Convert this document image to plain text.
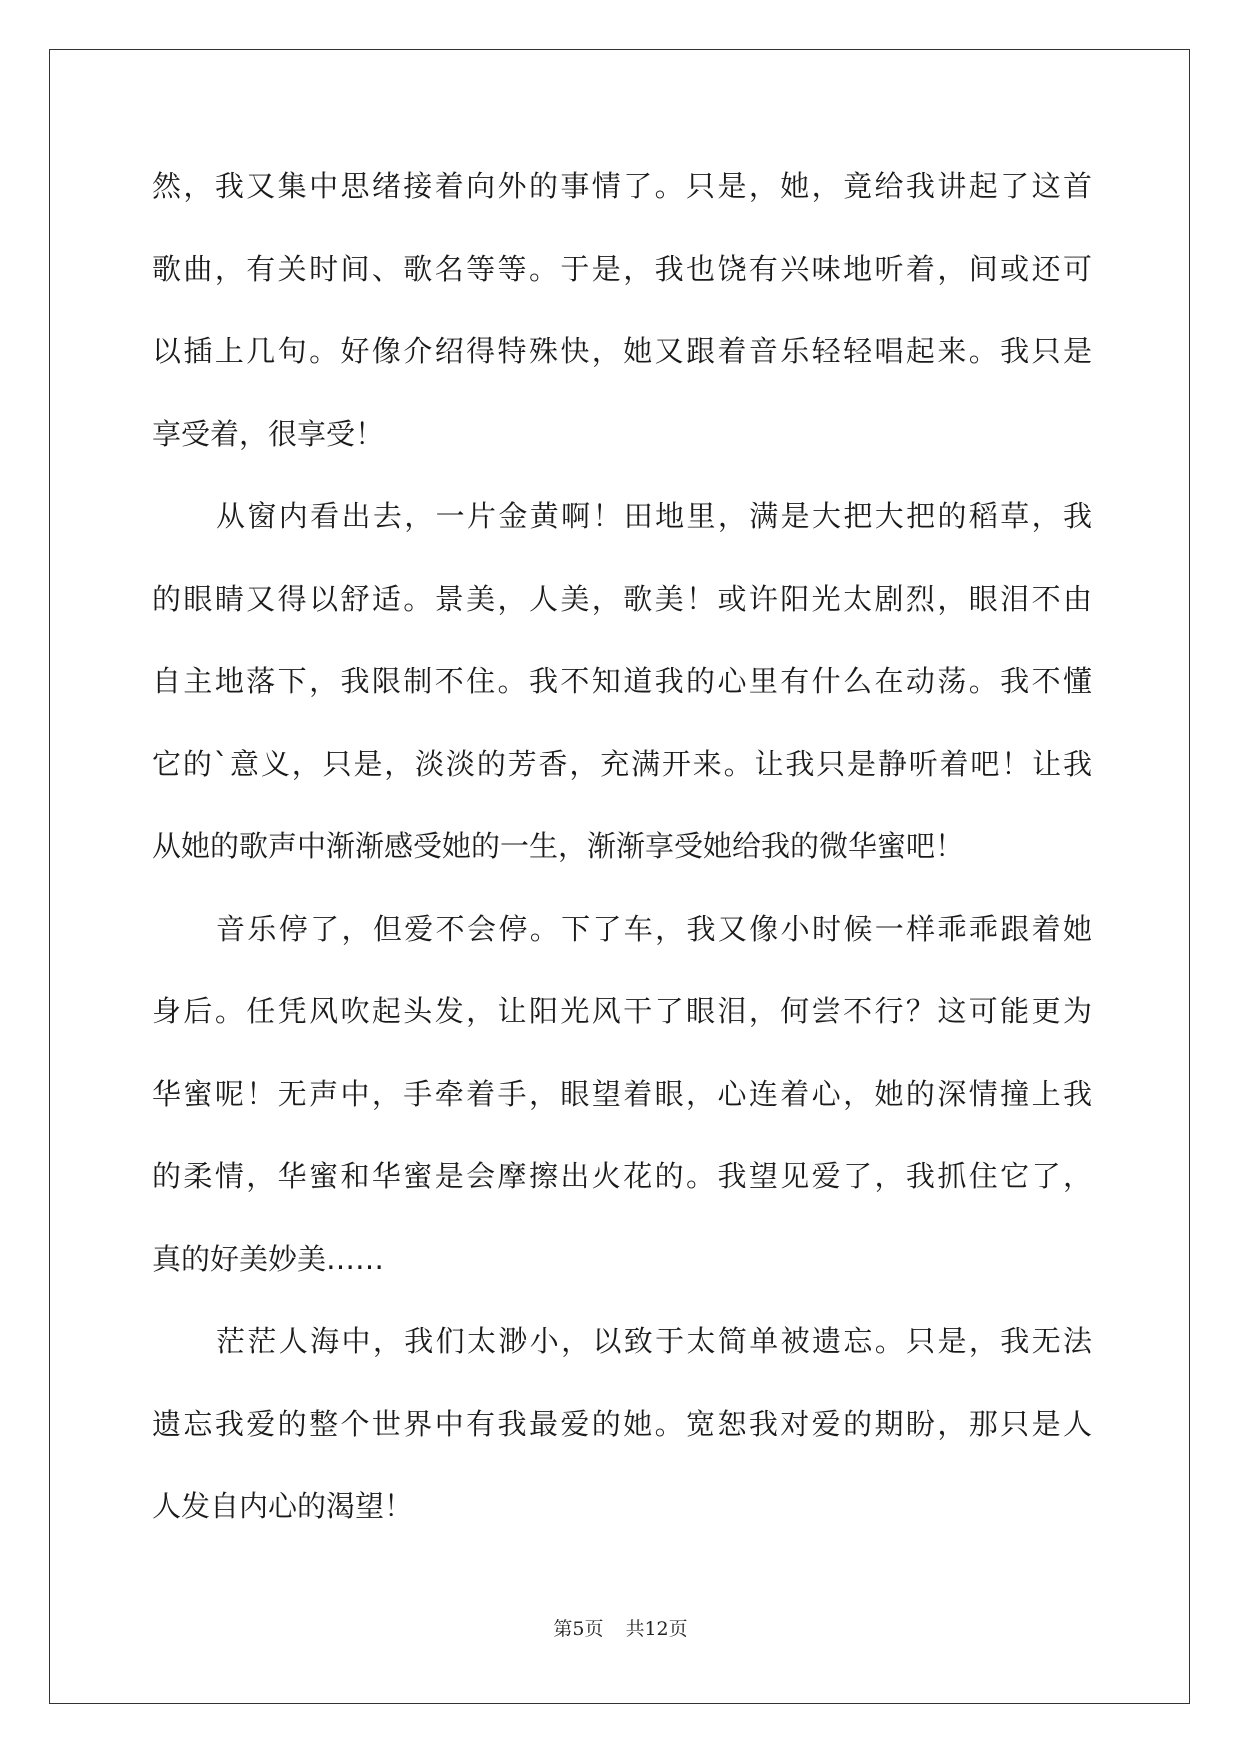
然，我又集中思绪接着向外的事情了。只是，她，竟给我讲起了这首
歌曲，有关时间、歌名等等。于是，我也饶有兴味地听着，间或还可
以插上几句。好像介绍得特殊快，她又跟着音乐轻轻唱起来。我只是
享受着，很享受！
从窗内看出去，一片金黄啊！田地里，满是大把大把的稻草，我
的眼睛又得以舒适。景美，人美，歌美！或许阳光太剧烈，眼泪不由
自主地落下，我限制不住。我不知道我的心里有什么在动荡。我不懂
它的`意义，只是，淡淡的芳香，充满开来。让我只是静听着吧！让我
从她的歌声中渐渐感受她的一生，渐渐享受她给我的微华蜜吧！
音乐停了，但爱不会停。下了车，我又像小时候一样乖乖跟着她
身后。任凭风吹起头发，让阳光风干了眼泪，何尝不行？这可能更为
华蜜呢！无声中，手牵着手，眼望着眼，心连着心，她的深情撞上我
的柔情，华蜜和华蜜是会摩擦出火花的。我望见爱了，我抓住它了，
真的好美妙美……
茫茫人海中，我们太渺小，以致于太简单被遗忘。只是，我无法
遗忘我爱的整个世界中有我最爱的她。宽恕我对爱的期盼，那只是人
人发自内心的渴望！
第5页 共12页
